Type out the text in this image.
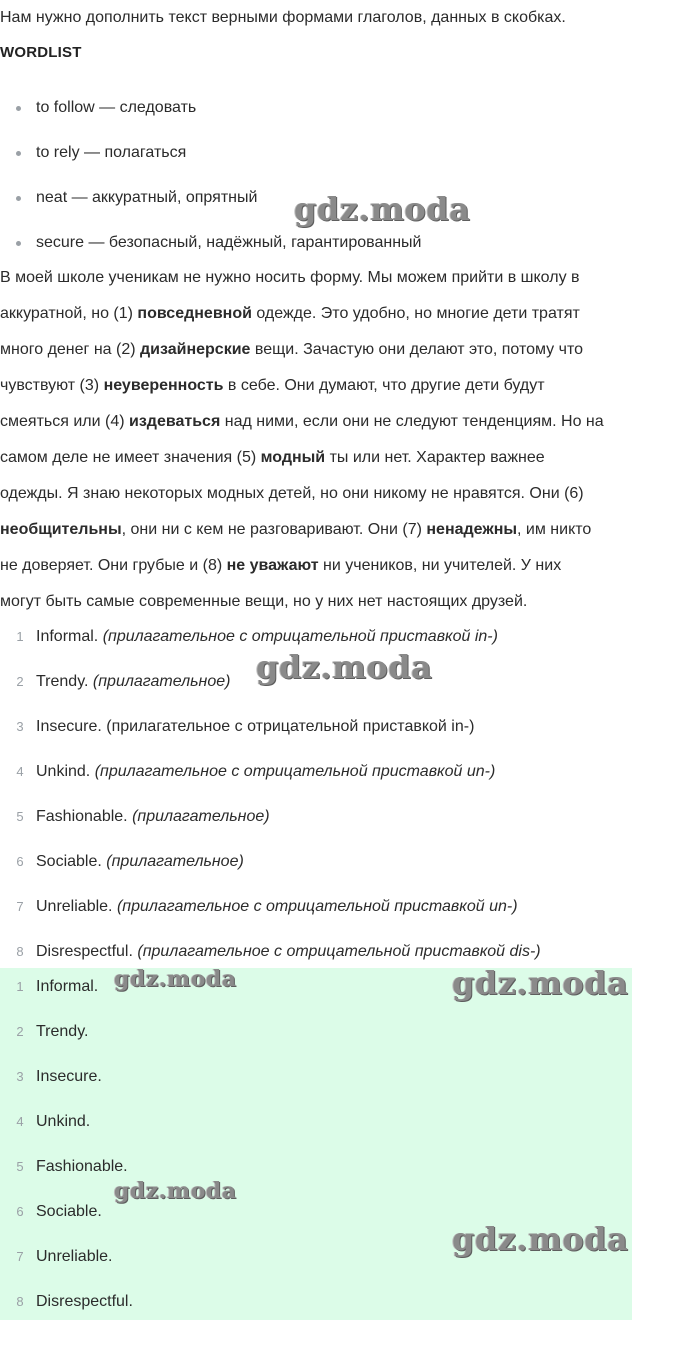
Нам нужно дополнить текст верными формами глаголов, данных в скобках.
WORDLIST
to follow — следовать
to rely — полагаться
neat — аккуратный, опрятный
secure — безопасный, надёжный, гарантированный
В моей школе ученикам не нужно носить форму. Мы можем прийти в школу в
аккуратной, но (1) повседневной одежде. Это удобно, но многие дети тратят
много денег на (2) дизайнерские вещи. Зачастую они делают это, потому что
чувствуют (3) неуверенность в себе. Они думают, что другие дети будут
смеяться или (4) издеваться над ними, если они не следуют тенденциям. Но на
самом деле не имеет значения (5) модный ты или нет. Характер важнее
одежды. Я знаю некоторых модных детей, но они никому не нравятся. Они (6)
необщительны, они ни с кем не разговаривают. Они (7) ненадежны, им никто
не доверяет. Они грубые и (8) не уважают ни учеников, ни учителей. У них
могут быть самые современные вещи, но у них нет настоящих друзей.
1 Informal. (прилагательное с отрицательной приставкой in-)
2 Trendy. (прилагательное)
3 Insecure. (прилагательное с отрицательной приставкой in-)
4 Unkind. (прилагательное с отрицательной приставкой un-)
5 Fashionable. (прилагательное)
6 Sociable. (прилагательное)
7 Unreliable. (прилагательное с отрицательной приставкой un-)
8 Disrespectful. (прилагательное с отрицательной приставкой dis-)
1 Informal.
2 Trendy.
3 Insecure.
4 Unkind.
5 Fashionable.
6 Sociable.
7 Unreliable.
8 Disrespectful.
gdz.moda
gdz.moda
gdz.moda	gdz.moda
gdz.moda
gdz.moda
